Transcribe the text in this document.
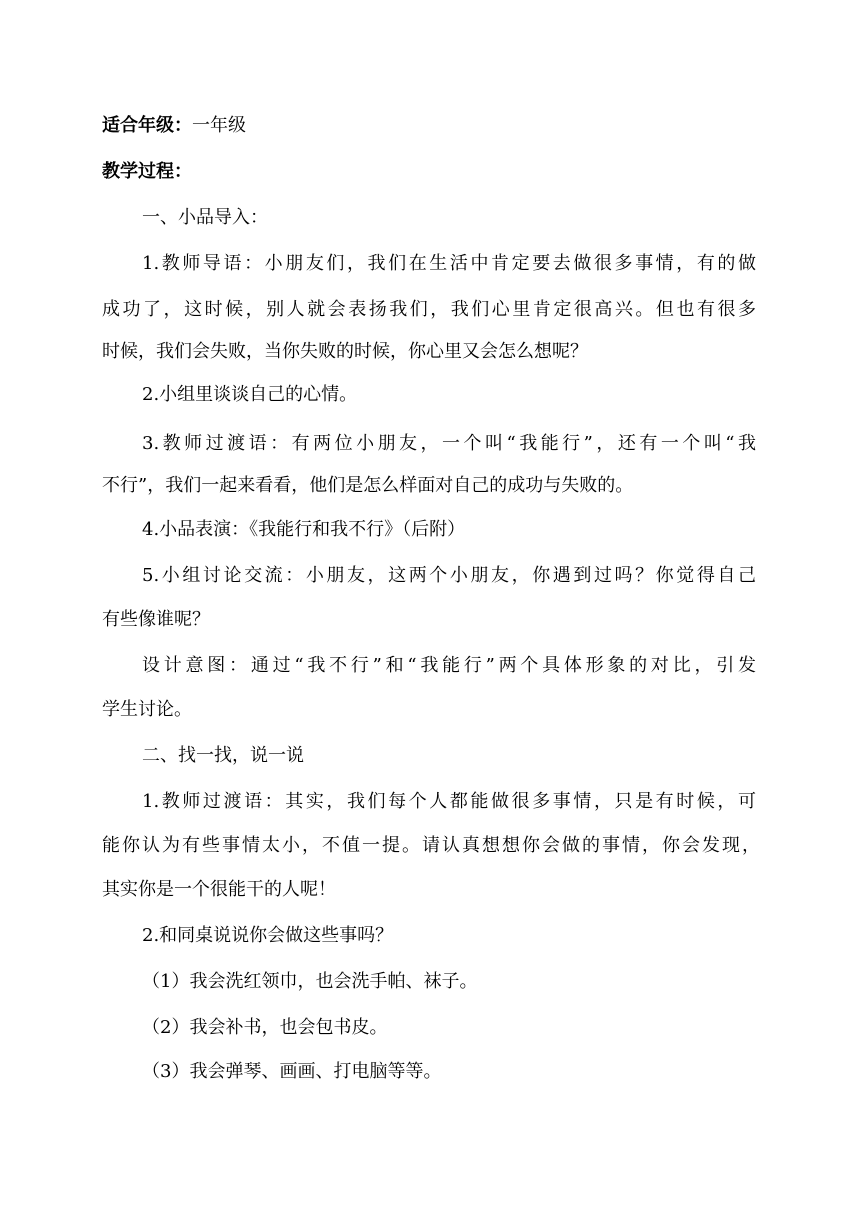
适合年级：一年级
教学过程：
一、小品导入：
1.教师导语：小朋友们，我们在生活中肯定要去做很多事情，有的做
成功了，这时候，别人就会表扬我们，我们心里肯定很高兴。但也有很多
时候，我们会失败，当你失败的时候，你心里又会怎么想呢？
2.小组里谈谈自己的心情。
3.教师过渡语：有两位小朋友，一个叫“我能行”，还有一个叫“我
不行”，我们一起来看看，他们是怎么样面对自己的成功与失败的。
4.小品表演：《我能行和我不行》（后附）
5.小组讨论交流：小朋友，这两个小朋友，你遇到过吗？你觉得自己
有些像谁呢？
设计意图：通过“我不行”和“我能行”两个具体形象的对比，引发
学生讨论。
二、找一找，说一说
1.教师过渡语：其实，我们每个人都能做很多事情，只是有时候，可
能你认为有些事情太小，不值一提。请认真想想你会做的事情，你会发现，
其实你是一个很能干的人呢！
2.和同桌说说你会做这些事吗？
（1）我会洗红领巾，也会洗手帕、袜子。
（2）我会补书，也会包书皮。
（3）我会弹琴、画画、打电脑等等。
